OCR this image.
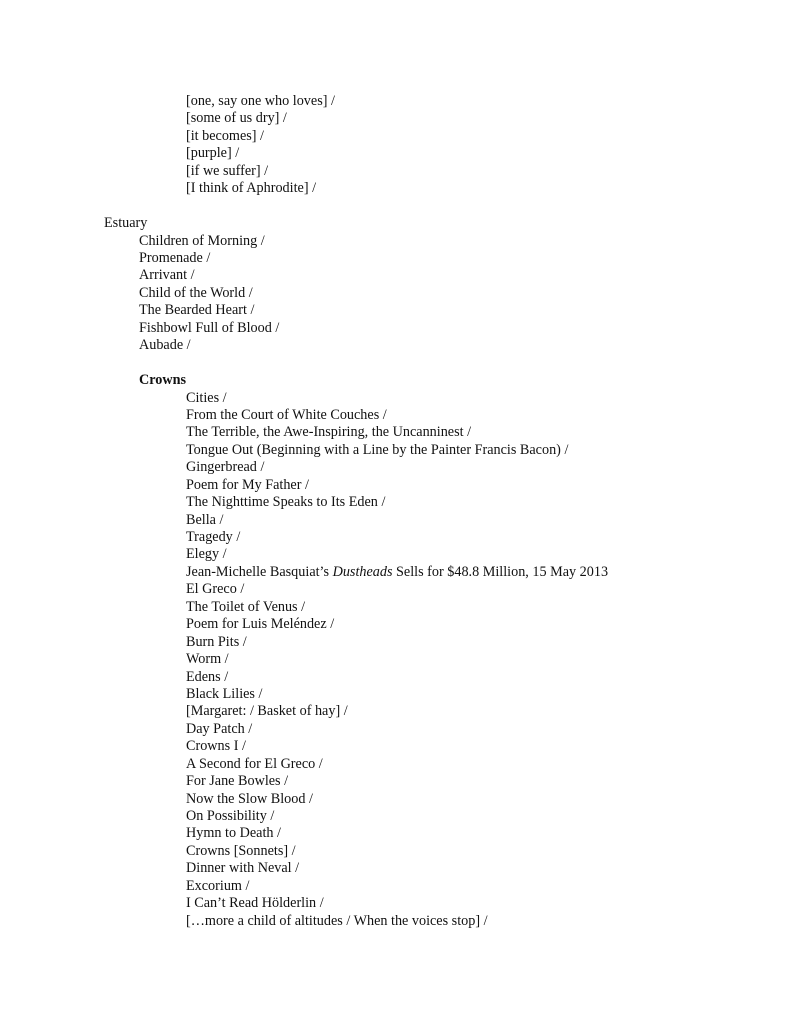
[one, say one who loves] /
[some of us dry] /
[it becomes] /
[purple] /
[if we suffer] /
[I think of Aphrodite] /
Estuary
Children of Morning /
Promenade /
Arrivant /
Child of the World /
The Bearded Heart /
Fishbowl Full of Blood /
Aubade /
Crowns
Cities /
From the Court of White Couches /
The Terrible, the Awe-Inspiring, the Uncanninest /
Tongue Out (Beginning with a Line by the Painter Francis Bacon) /
Gingerbread /
Poem for My Father /
The Nighttime Speaks to Its Eden /
Bella /
Tragedy /
Elegy /
Jean-Michelle Basquiat’s Dustheads Sells for $48.8 Million, 15 May 2013
El Greco /
The Toilet of Venus /
Poem for Luis Meléndez /
Burn Pits /
Worm /
Edens /
Black Lilies /
[Margaret: / Basket of hay] /
Day Patch /
Crowns I /
A Second for El Greco /
For Jane Bowles /
Now the Slow Blood /
On Possibility /
Hymn to Death /
Crowns [Sonnets] /
Dinner with Neval /
Excorium /
I Can’t Read Hölderlin /
[…more a child of altitudes / When the voices stop] /
